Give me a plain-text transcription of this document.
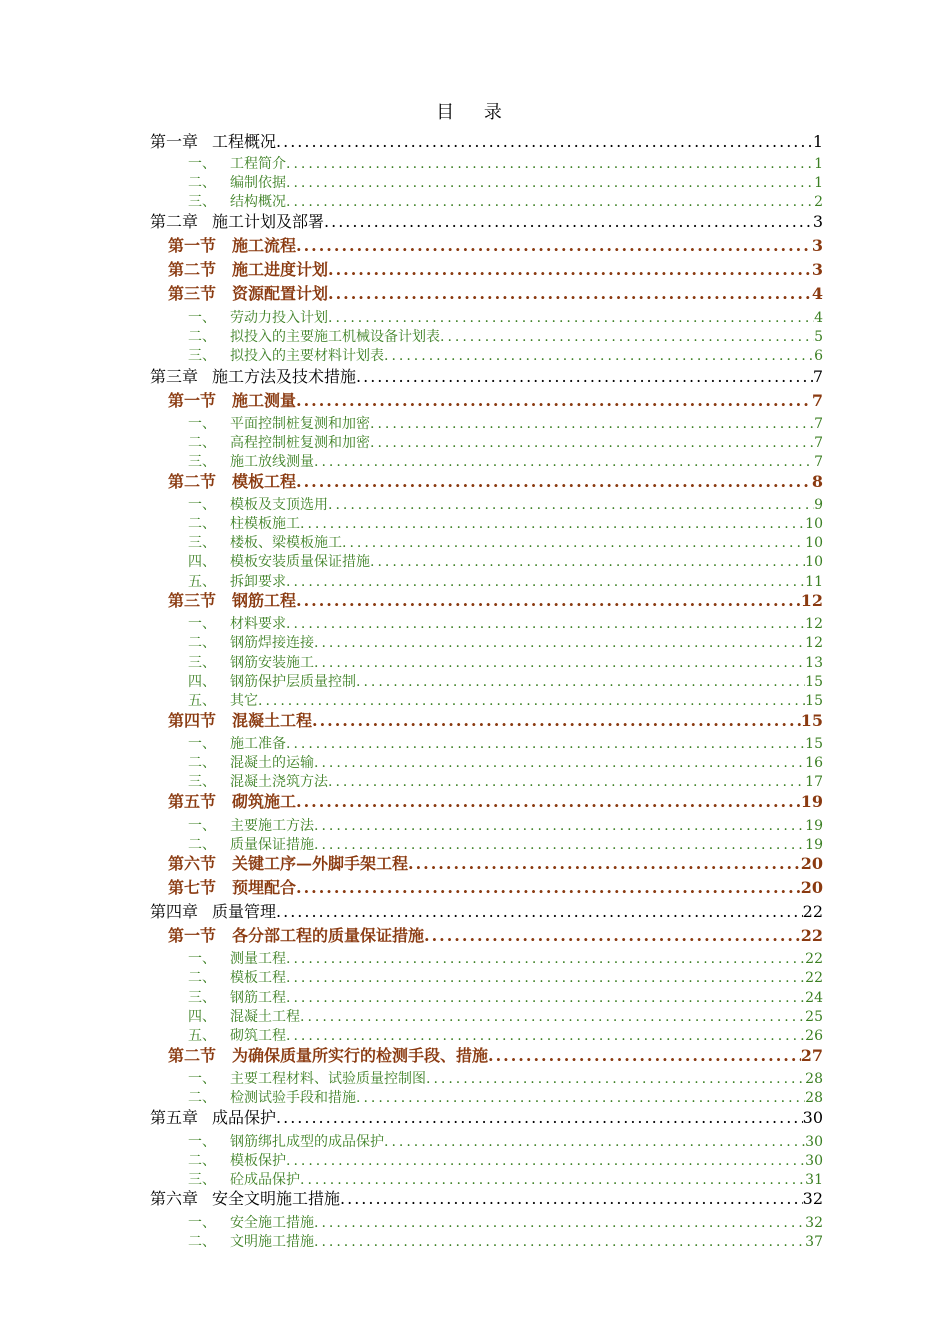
目 录
第一章 工程概况 .....	1
一、 工程简介 .....	1
二、 编制依据 .....	1
三、 结构概况 .....	2
第二章 施工计划及部署 .....	3
第一节 施工流程 .....	3
第二节 施工进度计划 .....	3
第三节 资源配置计划 .....	4
一、 劳动力投入计划 .....	4
二、 拟投入的主要施工机械设备计划表 .....	5
三、 拟投入的主要材料计划表 .....	6
第三章 施工方法及技术措施 .....	7
第一节 施工测量 .....	7
一、 平面控制桩复测和加密 .....	7
二、 高程控制桩复测和加密 .....	7
三、 施工放线测量 .....	7
第二节 模板工程 .....	8
一、 模板及支顶选用 .....	9
二、 柱模板施工 .....	10
三、 楼板、梁模板施工 .....	10
四、 模板安装质量保证措施 .....	10
五、 拆卸要求 .....	11
第三节 钢筋工程 .....	12
一、 材料要求 .....	12
二、 钢筋焊接连接 .....	12
三、 钢筋安装施工 .....	13
四、 钢筋保护层质量控制 .....	15
五、 其它 .....	15
第四节 混凝土工程 .....	15
一、 施工准备 .....	15
二、 混凝土的运输 .....	16
三、 混凝土浇筑方法 .....	17
第五节 砌筑施工 .....	19
一、 主要施工方法 .....	19
二、 质量保证措施 .....	19
第六节 关键工序—外脚手架工程 .....	20
第七节 预埋配合 .....	20
第四章 质量管理 .....	22
第一节 各分部工程的质量保证措施 .....	22
一、 测量工程 .....	22
二、 模板工程 .....	22
三、 钢筋工程 .....	24
四、 混凝土工程 .....	25
五、 砌筑工程 .....	26
第二节 为确保质量所实行的检测手段、措施 .....	27
一、 主要工程材料、试验质量控制图 .....	28
二、 检测试验手段和措施 .....	28
第五章 成品保护 .....	30
一、 钢筋绑扎成型的成品保护 .....	30
二、 模板保护 .....	30
三、 砼成品保护 .....	31
第六章 安全文明施工措施 .....	32
一、 安全施工措施 .....	32
二、 文明施工措施 .....	37
